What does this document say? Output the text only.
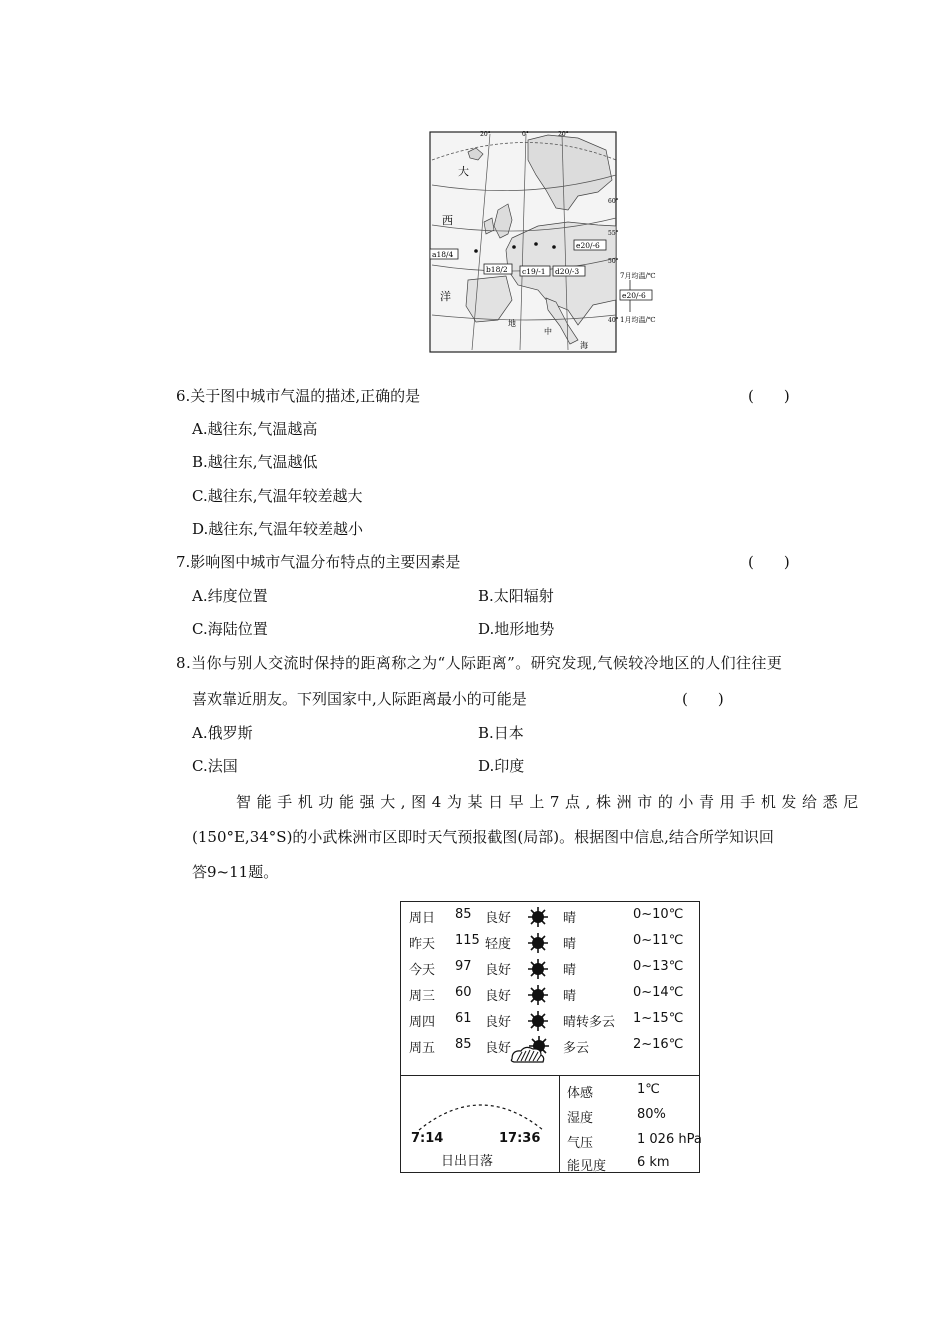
20°	0°	20°
60°
55°
50°
40°
大
西
洋
地
中
海
a18/4
b18/2 c19/-1 d20/-3
e20/-6
7月均温/℃
e20/-6
1月均温/℃
6.关于图中城市气温的描述,正确的是	(　　)
A.越往东,气温越高
B.越往东,气温越低
C.越往东,气温年较差越大
D.越往东,气温年较差越小
7.影响图中城市气温分布特点的主要因素是	(　　)
A.纬度位置	B.太阳辐射
C.海陆位置	D.地形地势
8.当你与别人交流时保持的距离称之为“人际距离”。研究发现,气候较冷地区的人们往往更
喜欢靠近朋友。下列国家中,人际距离最小的可能是	(　　)
A.俄罗斯	B.日本
C.法国	D.印度
智能手机功能强大,图4为某日早上7点,株洲市的小青用手机发给悉尼
(150°E,34°S)的小武株洲市区即时天气预报截图(局部)。根据图中信息,结合所学知识回
答9~11题。
周日 85 良好	晴	0~10℃
昨天 115 轻度	晴	0~11℃
今天 97 良好	晴	0~13℃
周三 60 良好	晴	0~14℃
周四 61 良好	晴转多云 1~15℃
周五 85 良好	多云	2~16℃
7:14	17:36
日出日落
体感	1℃
湿度	80%
气压	1 026 hPa
能见度 6 km
